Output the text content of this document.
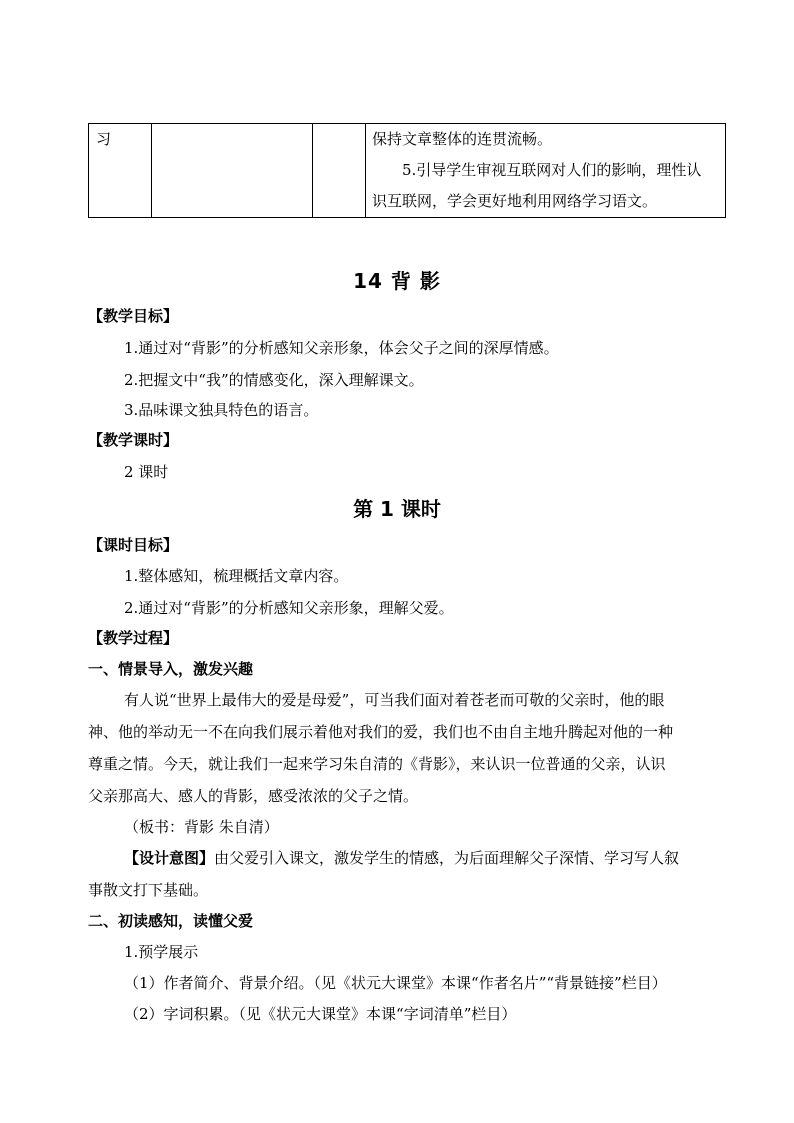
习			保持文章整体的连贯流畅。

5.引导学生审视互联网对人们的影响，理性认

识互联网，学会更好地利用网络学习语文。

14 背 影
【教学目标】
1.通过对“背影”的分析感知父亲形象，体会父子之间的深厚情感。
2.把握文中“我”的情感变化，深入理解课文。
3.品味课文独具特色的语言。
【教学课时】
2 课时
第 1 课时
【课时目标】
1.整体感知，梳理概括文章内容。
2.通过对“背影”的分析感知父亲形象，理解父爱。
【教学过程】
一、情景导入，激发兴趣
有人说“世界上最伟大的爱是母爱”，可当我们面对着苍老而可敬的父亲时，他的眼
神、他的举动无一不在向我们展示着他对我们的爱，我们也不由自主地升腾起对他的一种
尊重之情。今天，就让我们一起来学习朱自清的《背影》，来认识一位普通的父亲，认识
父亲那高大、感人的背影，感受浓浓的父子之情。
（板书：背影 朱自清）
【设计意图】由父爱引入课文，激发学生的情感，为后面理解父子深情、学习写人叙
事散文打下基础。
二、初读感知，读懂父爱
1.预学展示
（1）作者简介、背景介绍。（见《状元大课堂》本课“作者名片”“背景链接”栏目）
（2）字词积累。（见《状元大课堂》本课“字词清单”栏目）
